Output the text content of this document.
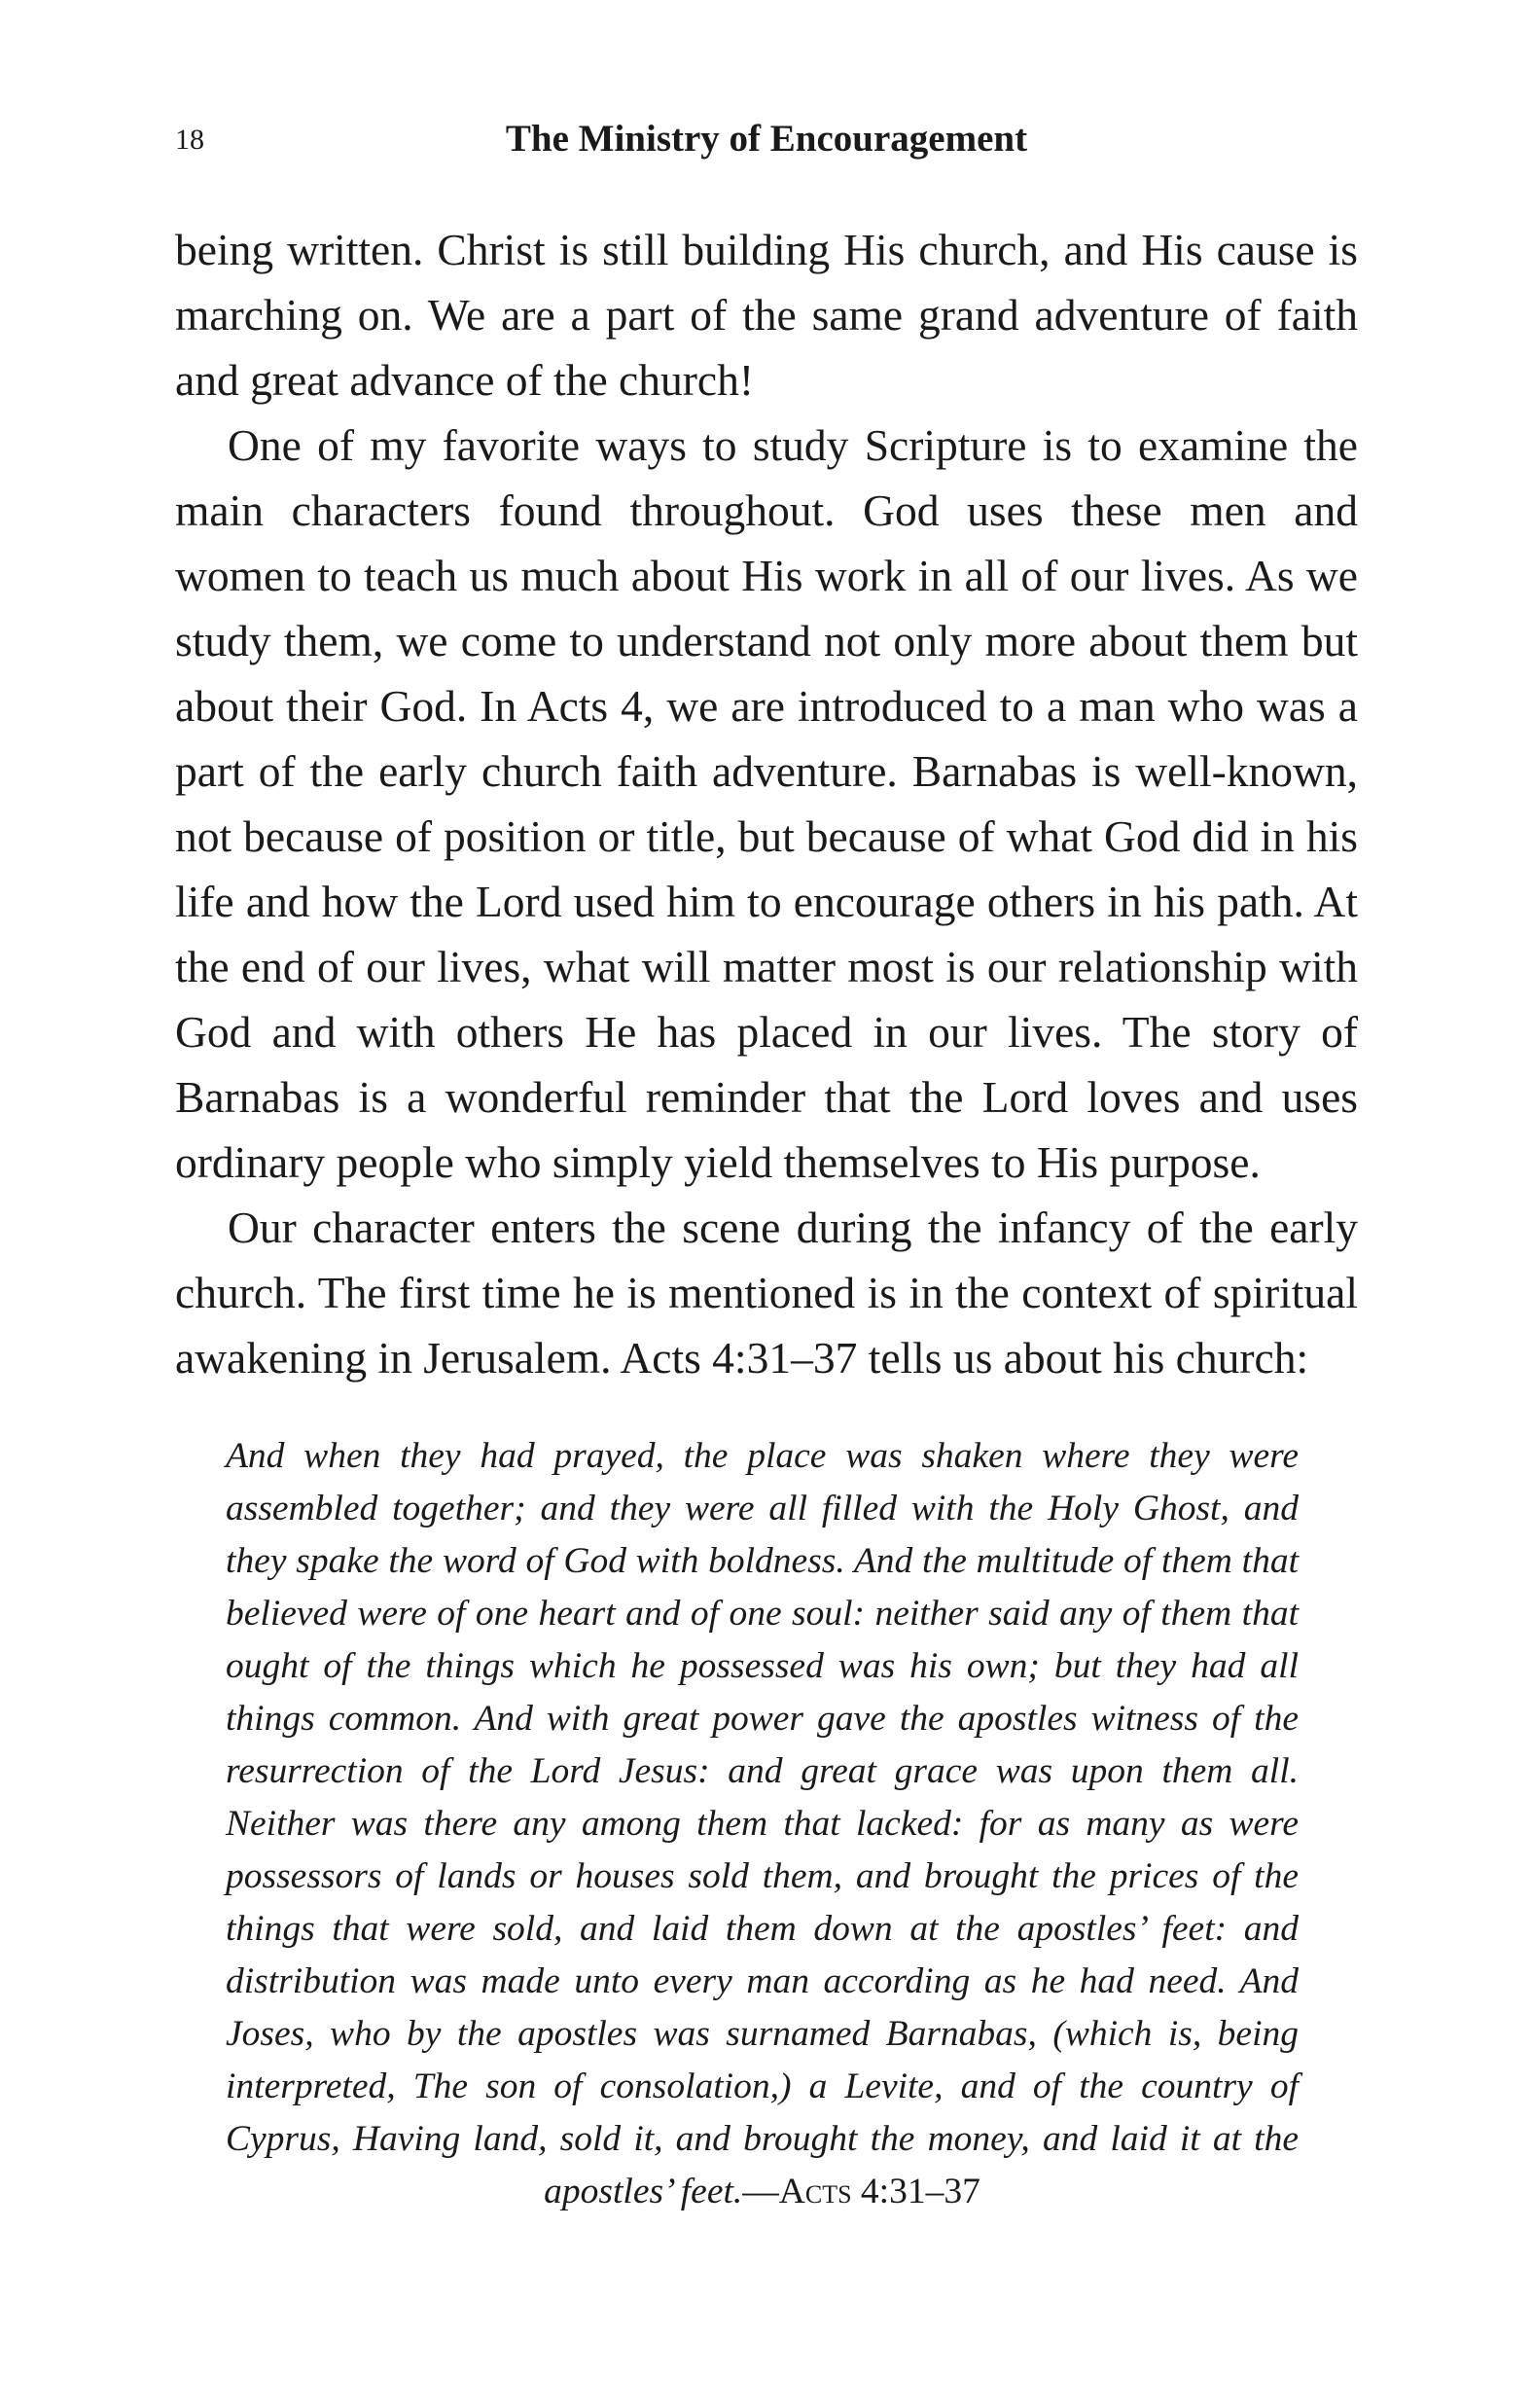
18	The Ministry of Encouragement

being written. Christ is still building His church, and His cause is marching on. We are a part of the same grand adventure of faith and great advance of the church!

One of my favorite ways to study Scripture is to examine the main characters found throughout. God uses these men and women to teach us much about His work in all of our lives. As we study them, we come to understand not only more about them but about their God. In Acts 4, we are introduced to a man who was a part of the early church faith adventure. Barnabas is well-known, not because of position or title, but because of what God did in his life and how the Lord used him to encourage others in his path. At the end of our lives, what will matter most is our relationship with God and with others He has placed in our lives. The story of Barnabas is a wonderful reminder that the Lord loves and uses ordinary people who simply yield themselves to His purpose.

Our character enters the scene during the infancy of the early church. The first time he is mentioned is in the context of spiritual awakening in Jerusalem. Acts 4:31–37 tells us about his church:

And when they had prayed, the place was shaken where they were assembled together; and they were all filled with the Holy Ghost, and they spake the word of God with boldness. And the multitude of them that believed were of one heart and of one soul: neither said any of them that ought of the things which he possessed was his own; but they had all things common. And with great power gave the apostles witness of the resurrection of the Lord Jesus: and great grace was upon them all. Neither was there any among them that lacked: for as many as were possessors of lands or houses sold them, and brought the prices of the things that were sold, and laid them down at the apostles’ feet: and distribution was made unto every man according as he had need. And Joses, who by the apostles was surnamed Barnabas, (which is, being interpreted, The son of consolation,) a Levite, and of the country of Cyprus, Having land, sold it, and brought the money, and laid it at the apostles’ feet.—Acts 4:31–37
